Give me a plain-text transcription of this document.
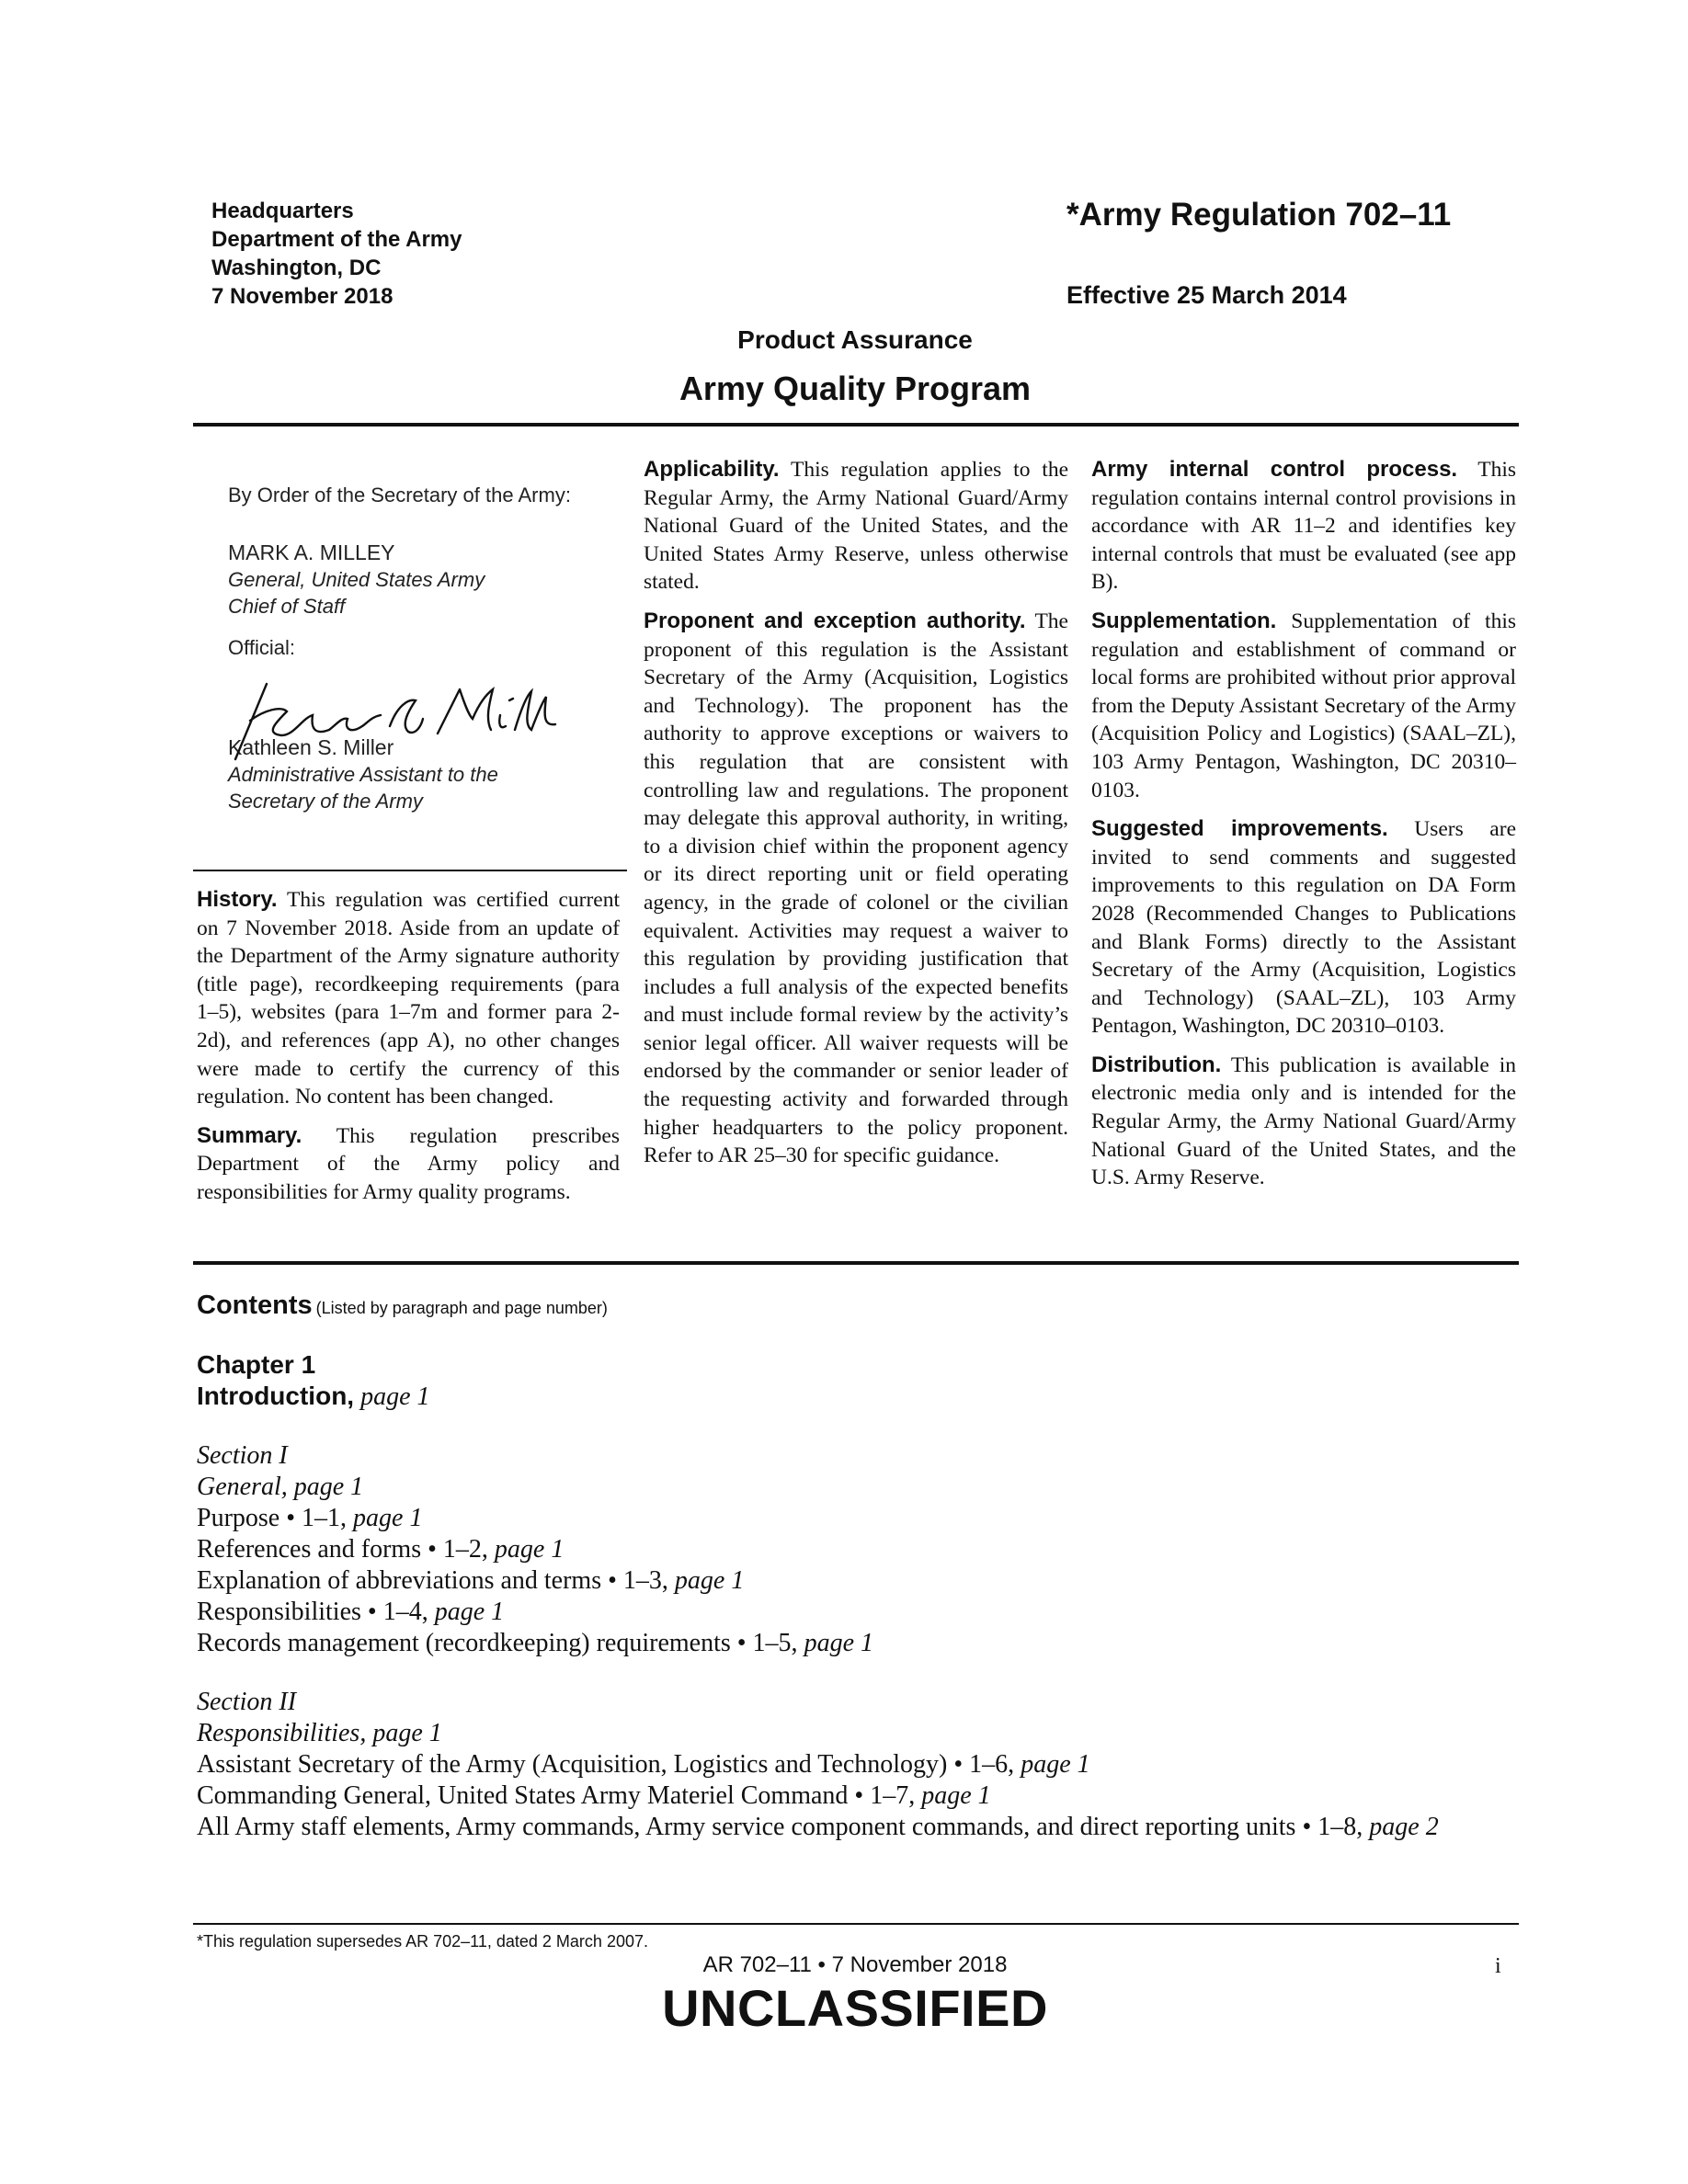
Headquarters
Department of the Army
Washington, DC
7 November 2018
*Army Regulation 702–11
Effective 25 March 2014
Product Assurance
Army Quality Program
By Order of the Secretary of the Army:
MARK A. MILLEY
General, United States Army
Chief of Staff
Official:
Kathleen S. Miller
Administrative Assistant to the
Secretary of the Army

History. This regulation was certified current on 7 November 2018. Aside from an update of the Department of the Army signature authority (title page), recordkeeping requirements (para 1–5), websites (para 1–7m and former para 2-2d), and references (app A), no other changes were made to certify the currency of this regulation. No content has been changed.

Summary. This regulation prescribes Department of the Army policy and responsibilities for Army quality programs.

Applicability. This regulation applies to the Regular Army, the Army National Guard/Army National Guard of the United States, and the United States Army Reserve, unless otherwise stated.

Proponent and exception authority. The proponent of this regulation is the Assistant Secretary of the Army (Acquisition, Logistics and Technology). The proponent has the authority to approve exceptions or waivers to this regulation that are consistent with controlling law and regulations. The proponent may delegate this approval authority, in writing, to a division chief within the proponent agency or its direct reporting unit or field operating agency, in the grade of colonel or the civilian equivalent. Activities may request a waiver to this regulation by providing justification that includes a full analysis of the expected benefits and must include formal review by the activity’s senior legal officer. All waiver requests will be endorsed by the commander or senior leader of the requesting activity and forwarded through higher headquarters to the policy proponent. Refer to AR 25–30 for specific guidance.

Army internal control process. This regulation contains internal control provisions in accordance with AR 11–2 and identifies key internal controls that must be evaluated (see app B).

Supplementation. Supplementation of this regulation and establishment of command or local forms are prohibited without prior approval from the Deputy Assistant Secretary of the Army (Acquisition Policy and Logistics) (SAAL–ZL), 103 Army Pentagon, Washington, DC 20310–0103.

Suggested improvements. Users are invited to send comments and suggested improvements to this regulation on DA Form 2028 (Recommended Changes to Publications and Blank Forms) directly to the Assistant Secretary of the Army (Acquisition, Logistics and Technology) (SAAL–ZL), 103 Army Pentagon, Washington, DC 20310–0103.

Distribution. This publication is available in electronic media only and is intended for the Regular Army, the Army National Guard/Army National Guard of the United States, and the U.S. Army Reserve.

Contents (Listed by paragraph and page number)
Chapter 1
Introduction, page 1
Section I
General, page 1
Purpose • 1–1, page 1
References and forms • 1–2, page 1
Explanation of abbreviations and terms • 1–3, page 1
Responsibilities • 1–4, page 1
Records management (recordkeeping) requirements • 1–5, page 1
Section II
Responsibilities, page 1
Assistant Secretary of the Army (Acquisition, Logistics and Technology) • 1–6, page 1
Commanding General, United States Army Materiel Command • 1–7, page 1
All Army staff elements, Army commands, Army service component commands, and direct reporting units • 1–8, page 2
*This regulation supersedes AR 702–11, dated 2 March 2007.
AR 702–11 • 7 November 2018	i
UNCLASSIFIED
